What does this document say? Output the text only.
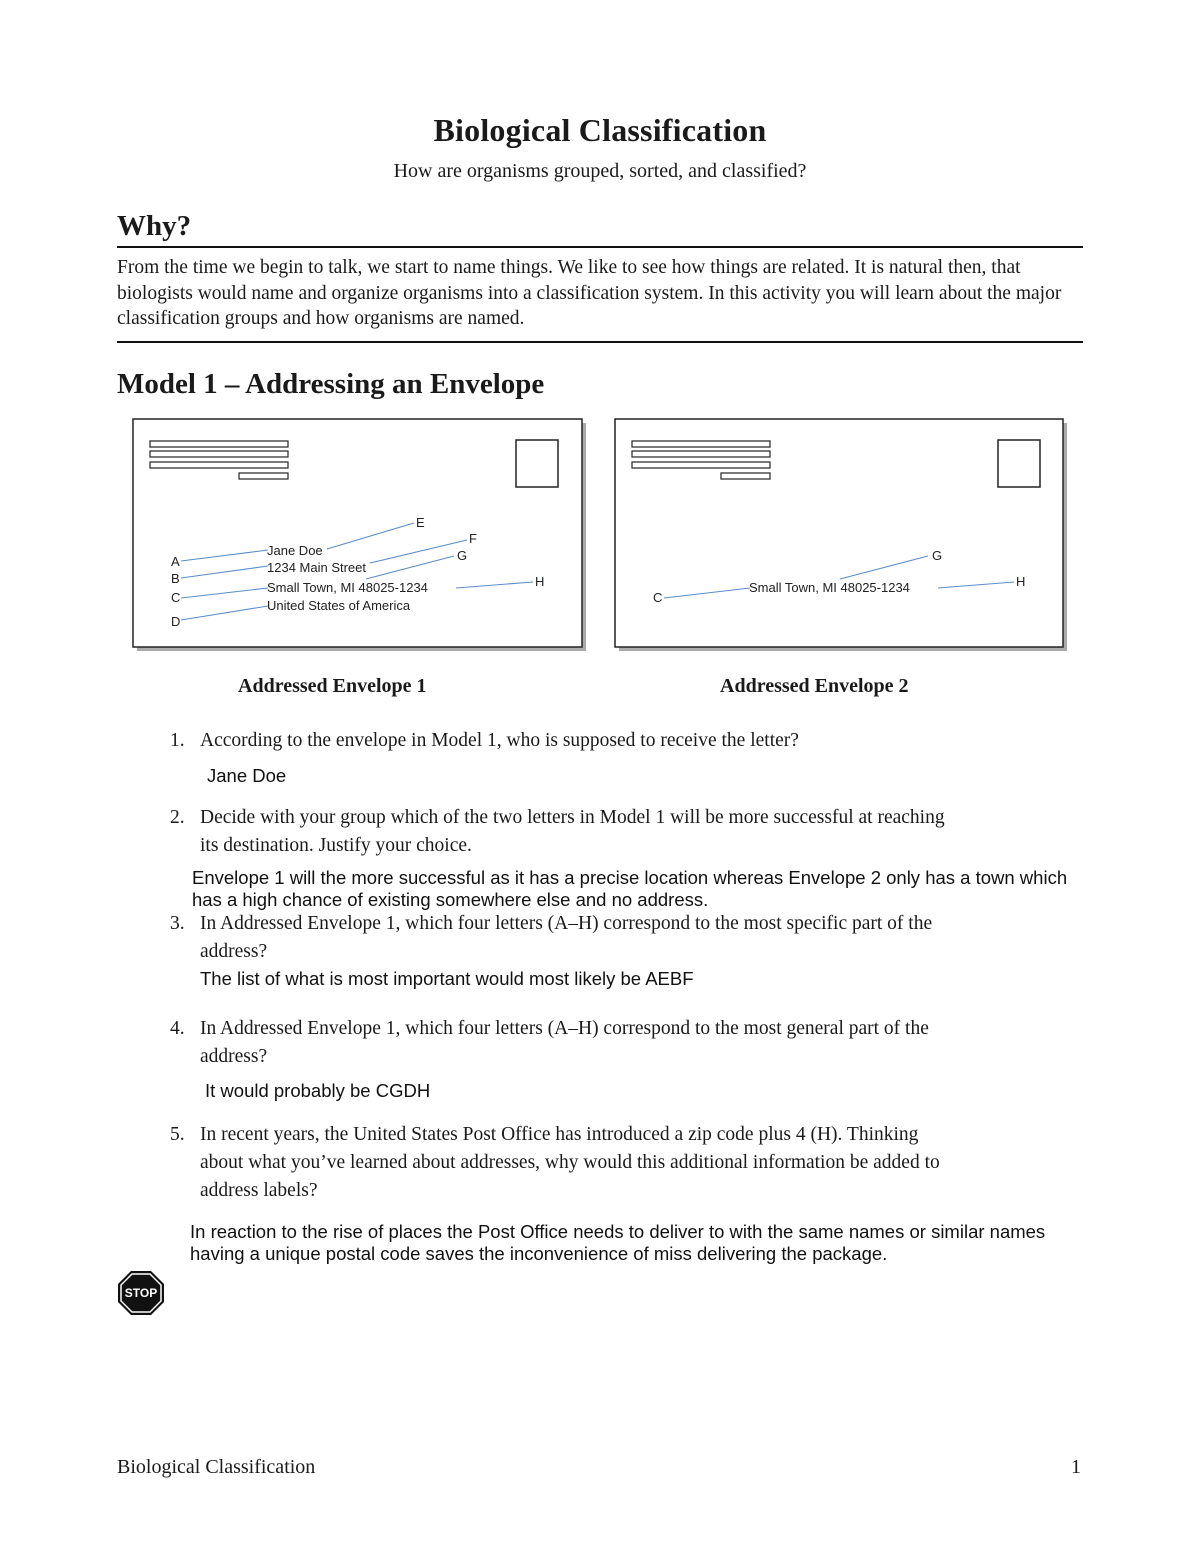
Biological Classification
How are organisms grouped, sorted, and classified?
Why?
From the time we begin to talk, we start to name things. We like to see how things are related. It is natural then, that biologists would name and organize organisms into a classification system. In this activity you will learn about the major classification groups and how organisms are named.
Model 1 – Addressing an Envelope
Jane Doe
1234 Main Street
Small Town, MI 48025-1234
United States of America
A
B
C
D
E
F
G
H	Small Town, MI 48025-1234
C
G
H
Addressed Envelope 1	Addressed Envelope 2
1. According to the envelope in Model 1, who is supposed to receive the letter?
Jane Doe
2. Decide with your group which of the two letters in Model 1 will be more successful at reaching
its destination. Justify your choice.
Envelope 1 will the more successful as it has a precise location whereas Envelope 2 only has a town which
has a high chance of existing somewhere else and no address.
3. In Addressed Envelope 1, which four letters (A–H) correspond to the most specific part of the
address?
The list of what is most important would most likely be AEBF
4. In Addressed Envelope 1, which four letters (A–H) correspond to the most general part of the
address?
It would probably be CGDH
5. In recent years, the United States Post Office has introduced a zip code plus 4 (H). Thinking
about what you’ve learned about addresses, why would this additional information be added to
address labels?
In reaction to the rise of places the Post Office needs to deliver to with the same names or similar names
having a unique postal code saves the inconvenience of miss delivering the package.
STOP
Biological Classification	1
